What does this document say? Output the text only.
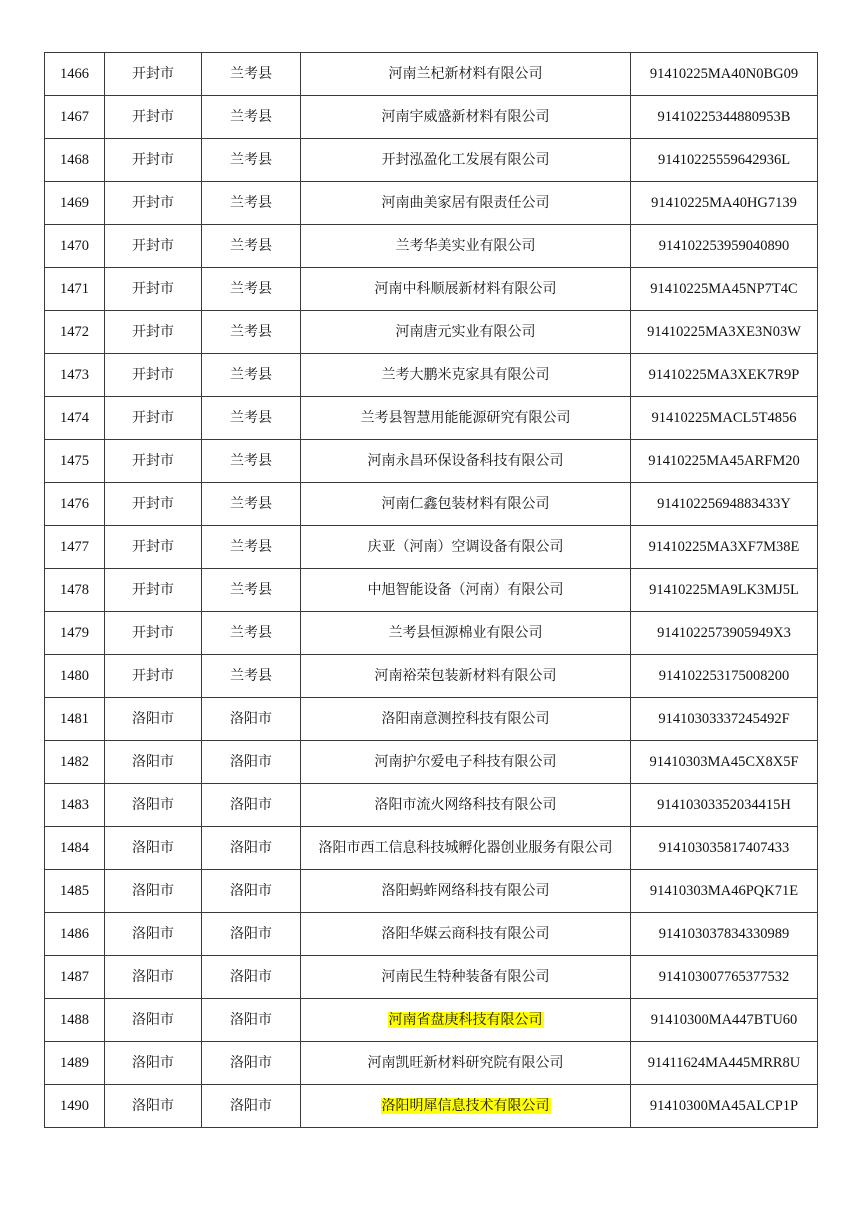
1466	开封市	兰考县	河南兰杞新材料有限公司	91410225MA40N0BG09
1467	开封市	兰考县	河南宇威盛新材料有限公司	91410225344880953B
1468	开封市	兰考县	开封泓盈化工发展有限公司	91410225559642936L
1469	开封市	兰考县	河南曲美家居有限责任公司	91410225MA40HG7139
1470	开封市	兰考县	兰考华美实业有限公司	914102253959040890
1471	开封市	兰考县	河南中科顺展新材料有限公司	91410225MA45NP7T4C
1472	开封市	兰考县	河南唐元实业有限公司	91410225MA3XE3N03W
1473	开封市	兰考县	兰考大鹏米克家具有限公司	91410225MA3XEK7R9P
1474	开封市	兰考县	兰考县智慧用能能源研究有限公司	91410225MACL5T4856
1475	开封市	兰考县	河南永昌环保设备科技有限公司	91410225MA45ARFM20
1476	开封市	兰考县	河南仁鑫包装材料有限公司	91410225694883433Y
1477	开封市	兰考县	庆亚（河南）空调设备有限公司	91410225MA3XF7M38E
1478	开封市	兰考县	中旭智能设备（河南）有限公司	91410225MA9LK3MJ5L
1479	开封市	兰考县	兰考县恒源棉业有限公司	9141022573905949X3
1480	开封市	兰考县	河南裕荣包装新材料有限公司	914102253175008200
1481	洛阳市	洛阳市	洛阳南意测控科技有限公司	91410303337245492F
1482	洛阳市	洛阳市	河南护尔爱电子科技有限公司	91410303MA45CX8X5F
1483	洛阳市	洛阳市	洛阳市流火网络科技有限公司	91410303352034415H
1484	洛阳市	洛阳市	洛阳市西工信息科技城孵化器创业服务有限公司	914103035817407433
1485	洛阳市	洛阳市	洛阳蚂蚱网络科技有限公司	91410303MA46PQK71E
1486	洛阳市	洛阳市	洛阳华媒云商科技有限公司	914103037834330989
1487	洛阳市	洛阳市	河南民生特种装备有限公司	914103007765377532
1488	洛阳市	洛阳市	河南省盘庚科技有限公司	91410300MA447BTU60
1489	洛阳市	洛阳市	河南凯旺新材料研究院有限公司	91411624MA445MRR8U
1490	洛阳市	洛阳市	洛阳明犀信息技术有限公司	91410300MA45ALCP1P
